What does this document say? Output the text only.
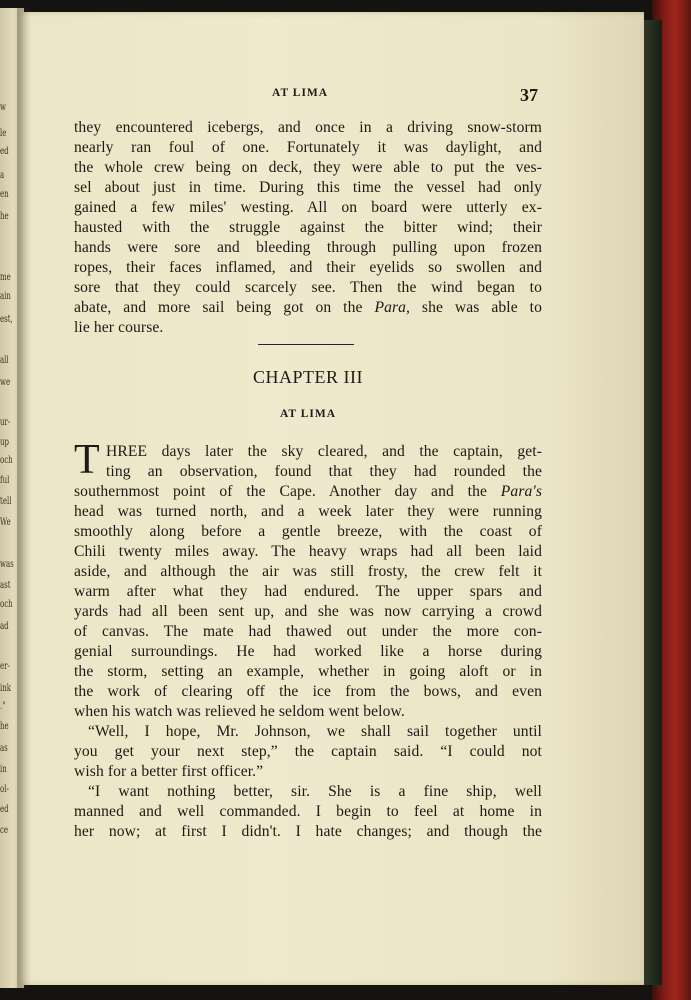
w
le
ed
a
en
he
me
ain
est,
all
we
ur-
up
och
ful
tell
We
was
ast
och
ad
er-
ink
."
he
as
in
ol-
ed
ce
AT LIMA	37
they encountered icebergs, and once in a driving snow-storm
nearly ran foul of one. Fortunately it was daylight, and
the whole crew being on deck, they were able to put the ves-
sel about just in time. During this time the vessel had only
gained a few miles' westing. All on board were utterly ex-
hausted with the struggle against the bitter wind; their
hands were sore and bleeding through pulling upon frozen
ropes, their faces inflamed, and their eyelids so swollen and
sore that they could scarcely see. Then the wind began to
abate, and more sail being got on the Para, she was able to
lie her course.
CHAPTER III
AT LIMA
T HREE days later the sky cleared, and the captain, get-
ting an observation, found that they had rounded the
southernmost point of the Cape. Another day and the Para's
head was turned north, and a week later they were running
smoothly along before a gentle breeze, with the coast of
Chili twenty miles away. The heavy wraps had all been laid
aside, and although the air was still frosty, the crew felt it
warm after what they had endured. The upper spars and
yards had all been sent up, and she was now carrying a crowd
of canvas. The mate had thawed out under the more con-
genial surroundings. He had worked like a horse during
the storm, setting an example, whether in going aloft or in
the work of clearing off the ice from the bows, and even
when his watch was relieved he seldom went below.
“Well, I hope, Mr. Johnson, we shall sail together until
you get your next step,” the captain said. “I could not
wish for a better first officer.”
“I want nothing better, sir. She is a fine ship, well
manned and well commanded. I begin to feel at home in
her now; at first I didn't. I hate changes; and though the
